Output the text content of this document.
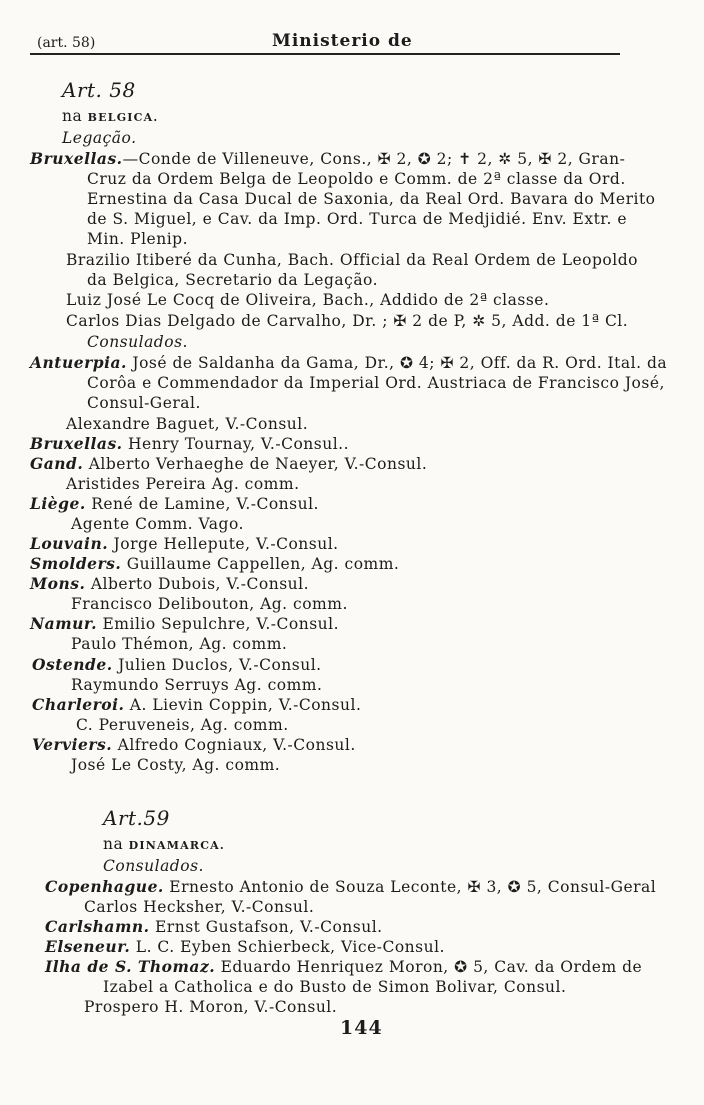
(art. 58)	Ministerio de
Art. 58
na BELGICA.
Legação.
Bruxellas.—Conde de Villeneuve, Cons., ✠ 2, ✪ 2; ✝ 2, ✲ 5, ✠ 2, Gran-
Cruz da Ordem Belga de Leopoldo e Comm. de 2ª classe da Ord.
Ernestina da Casa Ducal de Saxonia, da Real Ord. Bavara do Merito
de S. Miguel, e Cav. da Imp. Ord. Turca de Medjidié. Env. Extr. e
Min. Plenip.
Brazilio Itiberé da Cunha, Bach. Official da Real Ordem de Leopoldo
da Belgica, Secretario da Legação.
Luiz José Le Cocq de Oliveira, Bach., Addido de 2ª classe.
Carlos Dias Delgado de Carvalho, Dr. ; ✠ 2 de P, ✲ 5, Add. de 1ª Cl.
Consulados.
Antuerpia. José de Saldanha da Gama, Dr., ✪ 4; ✠ 2, Off. da R. Ord. Ital. da
Corôa e Commendador da Imperial Ord. Austriaca de Francisco José,
Consul-Geral.
Alexandre Baguet, V.-Consul.
Bruxellas. Henry Tournay, V.-Consul..
Gand. Alberto Verhaeghe de Naeyer, V.-Consul.
Aristides Pereira Ag. comm.
Liège. René de Lamine, V.-Consul.
Agente Comm. Vago.
Louvain. Jorge Helleputе, V.-Consul.
Smolders. Guillaume Cappellen, Ag. comm.
Mons. Alberto Dubois, V.-Consul.
Francisco Delibouton, Ag. comm.
Namur. Emilio Sepulchre, V.-Consul.
Paulo Thémon, Ag. comm.
Ostende. Julien Duclos, V.-Consul.
Raymundo Serruys Ag. comm.
Charleroi. A. Lievin Coppin, V.-Consul.
C. Peruveneis, Ag. comm.
Verviers. Alfredo Cogniaux, V.-Consul.
José Le Costy, Ag. comm.
Art.59
na DINAMARCA.
Consulados.
Copenhague. Ernesto Antonio de Souza Leconte, ✠ 3, ✪ 5, Consul-Geral
Carlos Hecksher, V.-Consul.
Carlshamn. Ernst Gustafson, V.-Consul.
Elseneur. L. C. Eyben Schierbeck, Vice-Consul.
Ilha de S. Thomaz. Eduardo Henriquez Moron, ✪ 5, Cav. da Ordem de
Izabel a Catholica e do Busto de Simon Bolivar, Consul.
Prospero H. Moron, V.-Consul.
144
